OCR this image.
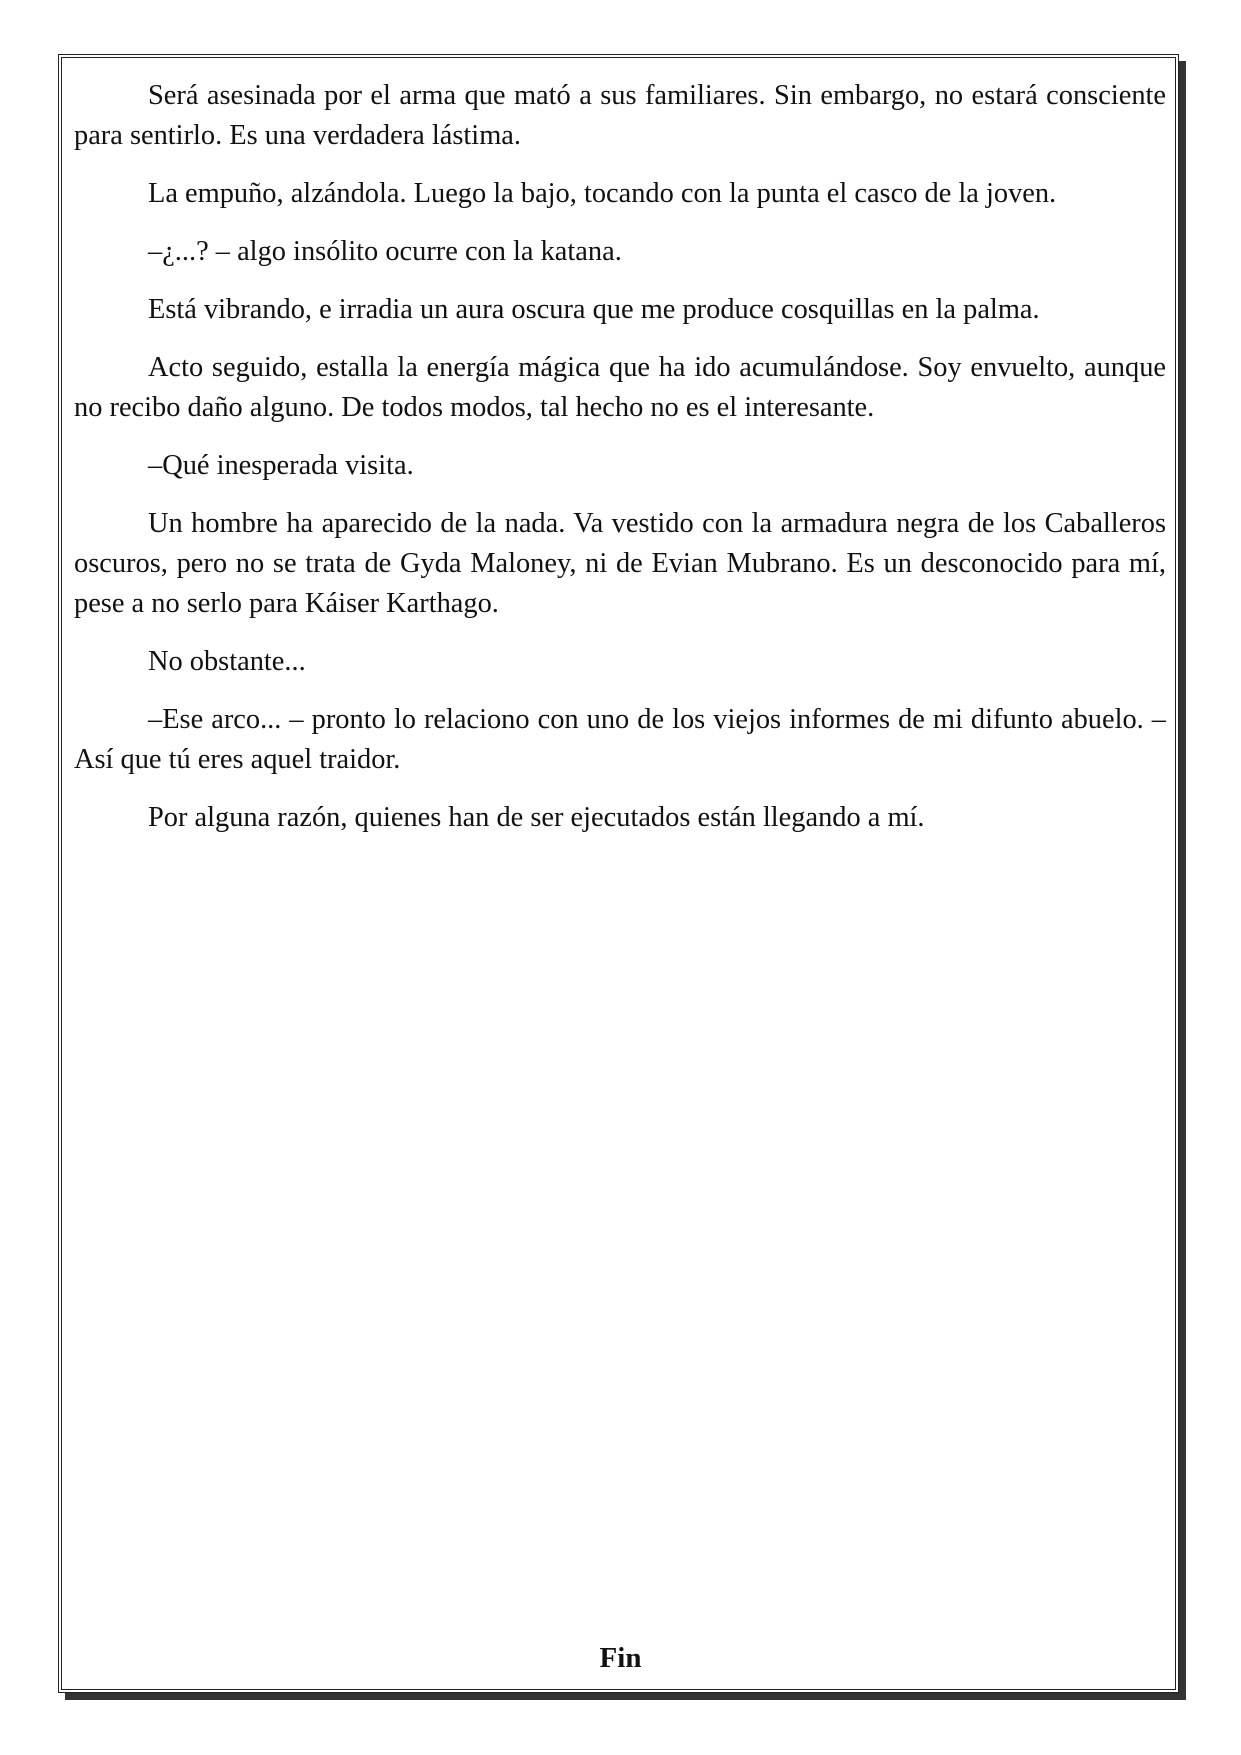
Será asesinada por el arma que mató a sus familiares. Sin embargo, no estará consciente para sentirlo. Es una verdadera lástima.

La empuño, alzándola. Luego la bajo, tocando con la punta el casco de la joven.

–¿...? – algo insólito ocurre con la katana.

Está vibrando, e irradia un aura oscura que me produce cosquillas en la palma.

Acto seguido, estalla la energía mágica que ha ido acumulándose. Soy envuelto, aunque no recibo daño alguno. De todos modos, tal hecho no es el interesante.

–Qué inesperada visita.

Un hombre ha aparecido de la nada. Va vestido con la armadura negra de los Caballeros oscuros, pero no se trata de Gyda Maloney, ni de Evian Mubrano. Es un desconocido para mí, pese a no serlo para Káiser Karthago.

No obstante...

–Ese arco... – pronto lo relaciono con uno de los viejos informes de mi difunto abuelo. –Así que tú eres aquel traidor.

Por alguna razón, quienes han de ser ejecutados están llegando a mí.

Fin
